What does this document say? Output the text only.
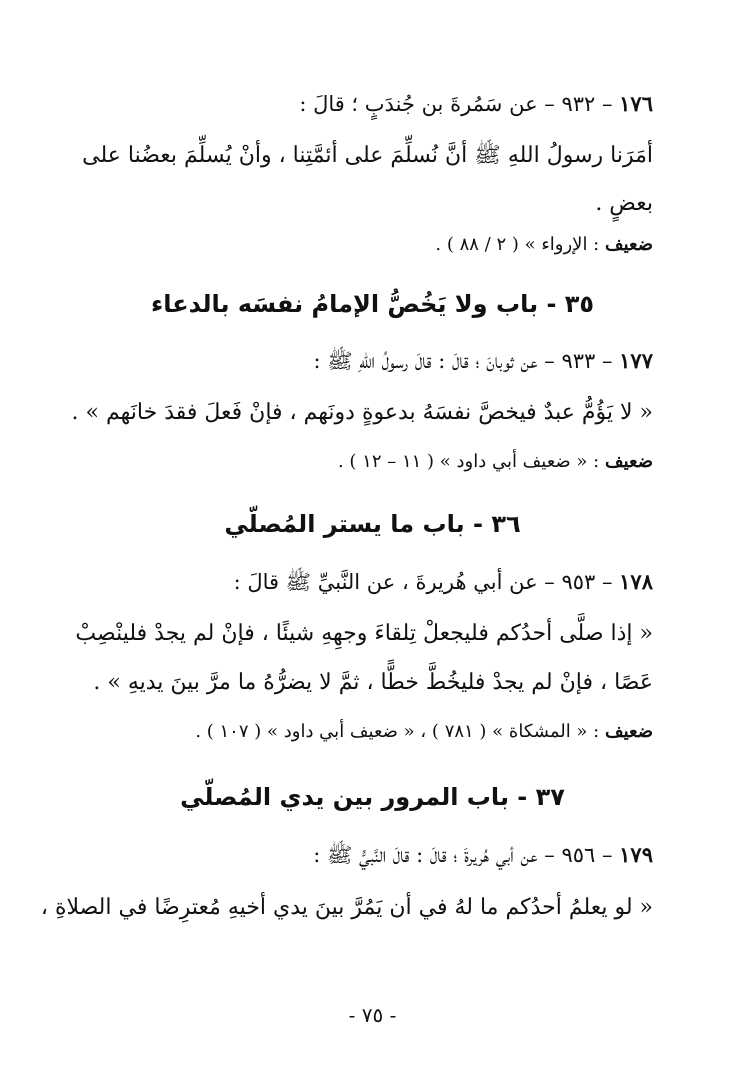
١٧٦ – ٩٣٢ – عن سَمُرةَ بن جُندَبٍ ؛ قالَ :
أمَرَنا رسولُ اللهِ ﷺ أنَّ نُسلِّمَ على أئمَّتِنا ، وأنْ يُسلِّمَ بعضُنا على
بعضٍ .
ضعيف : الإرواء » ( ٢ / ٨٨ ) .
٣٥ - باب ولا يَخُصُّ الإمامُ نفسَه بالدعاء
١٧٧ – ٩٣٣ – عن ثوبانَ ؛ قالَ : قالَ رسولُ اللهِ ﷺ :
« لا يَؤُمُّ عبدٌ فيخصَّ نفسَهُ بدعوةٍ دونَهم ، فإنْ فَعلَ فقدَ خانَهم » .
ضعيف : « ضعيف أبي داود » ( ١١ – ١٢ ) .
٣٦ - باب ما يستر المُصلّي
١٧٨ – ٩٥٣ – عن أبي هُريرةَ ، عن النَّبيِّ ﷺ قالَ :
« إذا صلَّى أحدُكم فليجعلْ تِلقاءَ وجهِهِ شيئًا ، فإنْ لم يجدْ فلينْصِبْ
عَصًا ، فإنْ لم يجدْ فليخُطَّ خطًّا ، ثمَّ لا يضرُّهُ ما مرَّ بينَ يديهِ » .
ضعيف : « المشكاة » ( ٧٨١ ) ، « ضعيف أبي داود » ( ١٠٧ ) .
٣٧ - باب المرور بين يدي المُصلّي
١٧٩ – ٩٥٦ – عن أبي هُريرةَ ؛ قالَ : قالَ النَّبيُّ ﷺ :
« لو يعلمُ أحدُكم ما لهُ في أن يَمُرَّ بينَ يدي أخيهِ مُعترِضًا في الصلاةِ ،
- ٧٥ -
